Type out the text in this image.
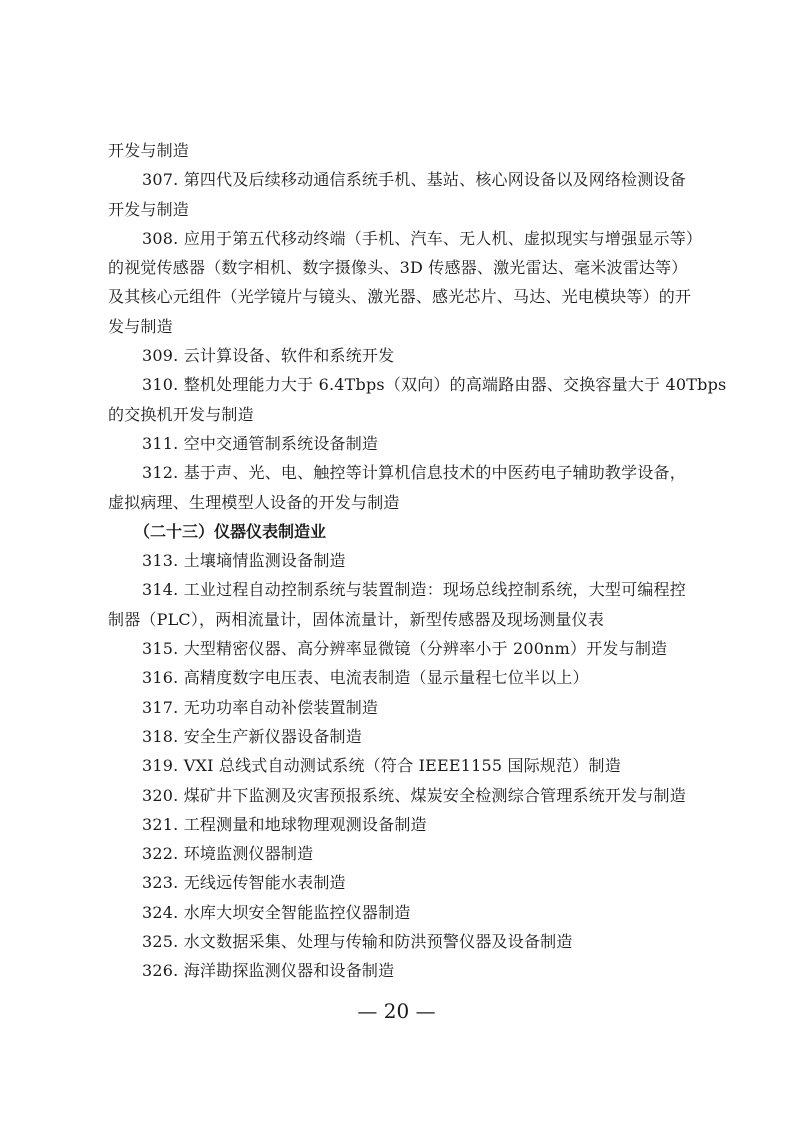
开发与制造
307. 第四代及后续移动通信系统手机、基站、核心网设备以及网络检测设备
开发与制造
308. 应用于第五代移动终端（手机、汽车、无人机、虚拟现实与增强显示等）
的视觉传感器（数字相机、数字摄像头、3D 传感器、激光雷达、毫米波雷达等）
及其核心元组件（光学镜片与镜头、激光器、感光芯片、马达、光电模块等）的开
发与制造
309. 云计算设备、软件和系统开发
310. 整机处理能力大于 6.4Tbps（双向）的高端路由器、交换容量大于 40Tbps
的交换机开发与制造
311. 空中交通管制系统设备制造
312. 基于声、光、电、触控等计算机信息技术的中医药电子辅助教学设备，
虚拟病理、生理模型人设备的开发与制造
（二十三）仪器仪表制造业
313. 土壤墒情监测设备制造
314. 工业过程自动控制系统与装置制造：现场总线控制系统，大型可编程控
制器（PLC），两相流量计，固体流量计，新型传感器及现场测量仪表
315. 大型精密仪器、高分辨率显微镜（分辨率小于 200nm）开发与制造
316. 高精度数字电压表、电流表制造（显示量程七位半以上）
317. 无功功率自动补偿装置制造
318. 安全生产新仪器设备制造
319. VXI 总线式自动测试系统（符合 IEEE1155 国际规范）制造
320. 煤矿井下监测及灾害预报系统、煤炭安全检测综合管理系统开发与制造
321. 工程测量和地球物理观测设备制造
322. 环境监测仪器制造
323. 无线远传智能水表制造
324. 水库大坝安全智能监控仪器制造
325. 水文数据采集、处理与传输和防洪预警仪器及设备制造
326. 海洋勘探监测仪器和设备制造
— 20 —
